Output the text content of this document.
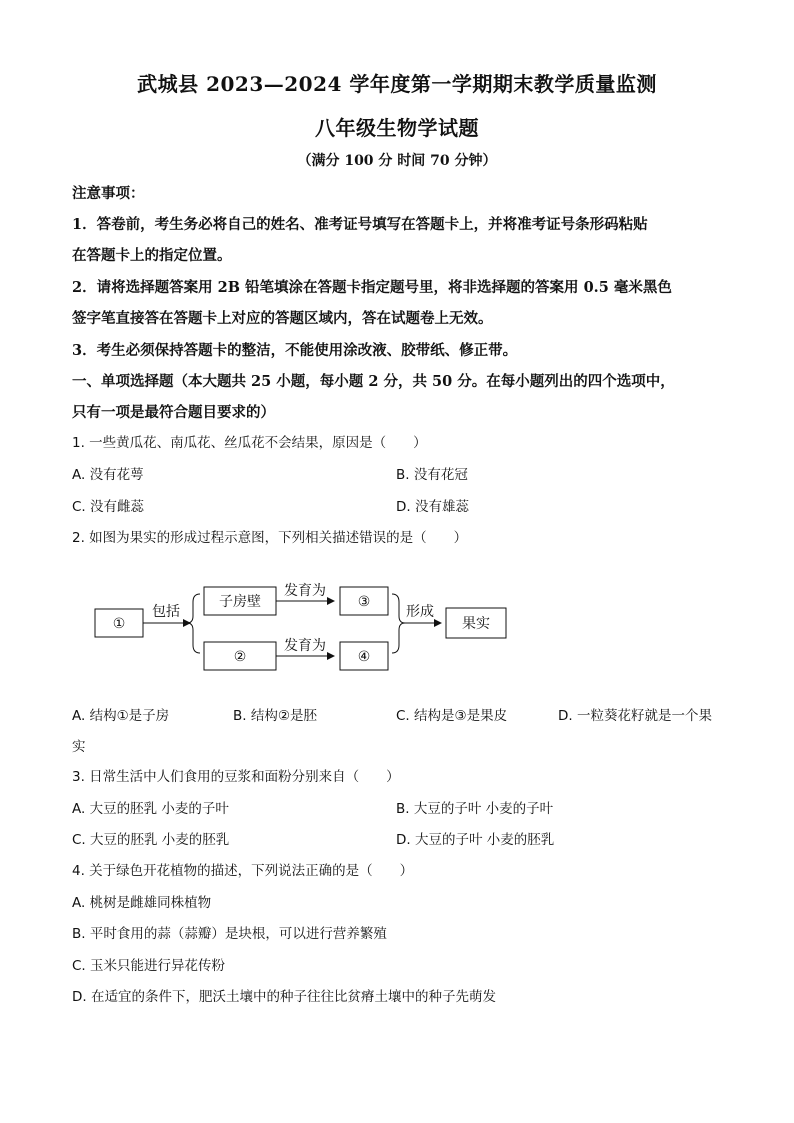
武城县 2023—2024 学年度第一学期期末教学质量监测
八年级生物学试题
（满分 100 分 时间 70 分钟）
注意事项：
1．答卷前，考生务必将自己的姓名、准考证号填写在答题卡上，并将准考证号条形码粘贴
在答题卡上的指定位置。
2．请将选择题答案用 2B 铅笔填涂在答题卡指定题号里，将非选择题的答案用 0.5 毫米黑色
签字笔直接答在答题卡上对应的答题区域内，答在试题卷上无效。
3．考生必须保持答题卡的整洁，不能使用涂改液、胶带纸、修正带。
一、单项选择题（本大题共 25 小题，每小题 2 分，共 50 分。在每小题列出的四个选项中，
只有一项是最符合题目要求的）
1. 一些黄瓜花、南瓜花、丝瓜花不会结果，原因是（　　）
A. 没有花萼	B. 没有花冠
C. 没有雌蕊	D. 没有雄蕊
2. 如图为果实的形成过程示意图，下列相关描述错误的是（　　）
①
包括
子房壁
②
发育为
发育为
③
④
形成
果实
A. 结构①是子房	B. 结构②是胚	C. 结构是③是果皮	D. 一粒葵花籽就是一个果
实
3. 日常生活中人们食用的豆浆和面粉分别来自（　　）
A. 大豆的胚乳 小麦的子叶	B. 大豆的子叶 小麦的子叶
C. 大豆的胚乳 小麦的胚乳	D. 大豆的子叶 小麦的胚乳
4. 关于绿色开花植物的描述，下列说法正确的是（　　）
A. 桃树是雌雄同株植物
B. 平时食用的蒜（蒜瓣）是块根，可以进行营养繁殖
C. 玉米只能进行异花传粉
D. 在适宜的条件下，肥沃土壤中的种子往往比贫瘠土壤中的种子先萌发
